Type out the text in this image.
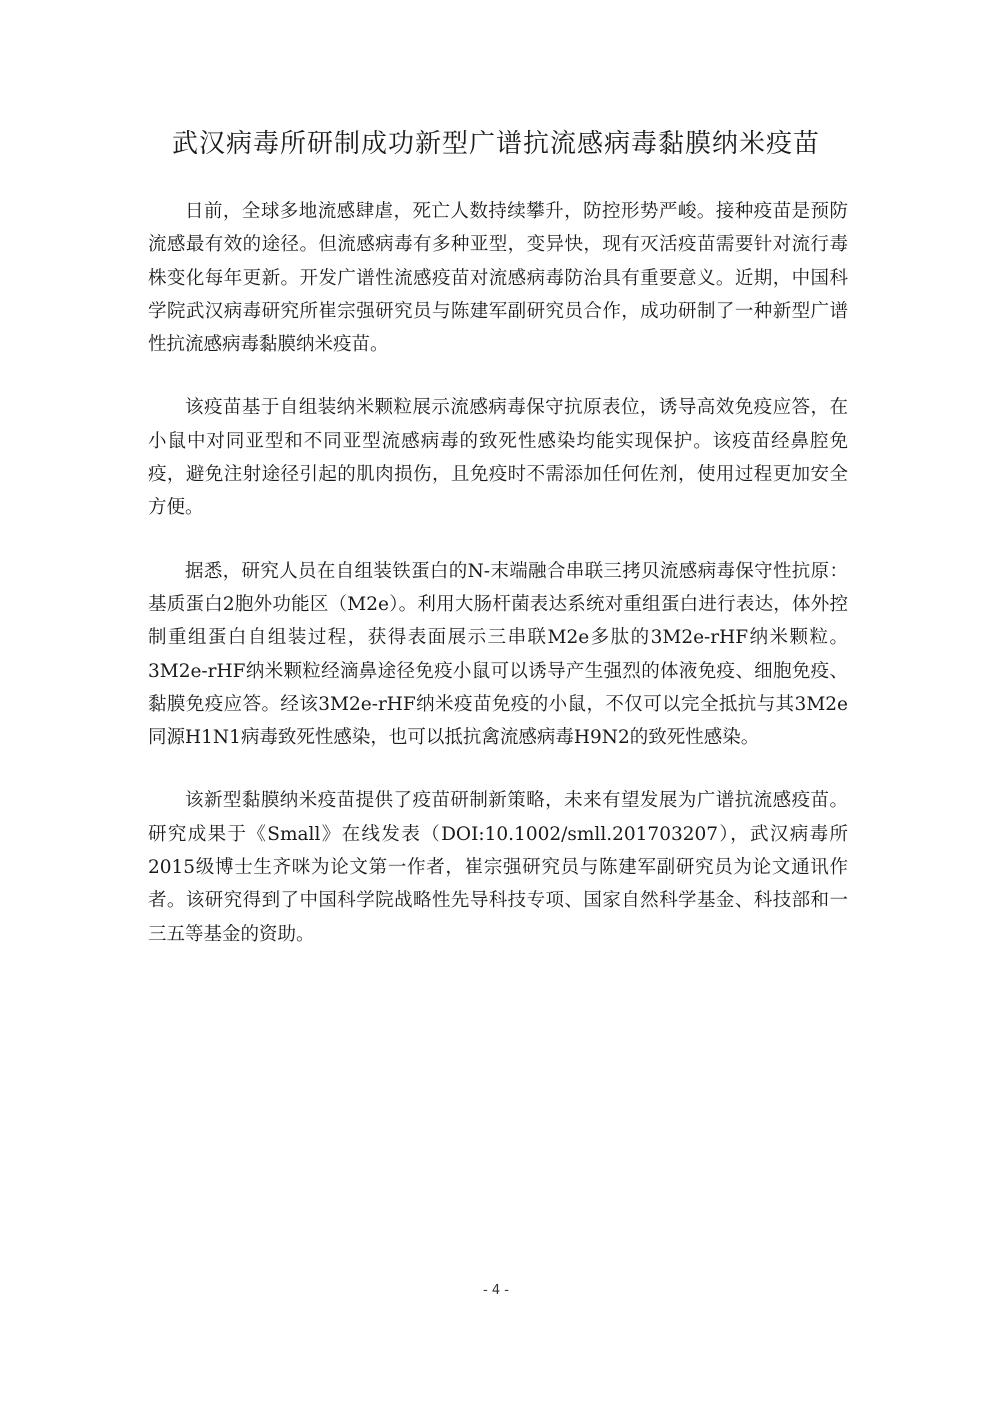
武汉病毒所研制成功新型广谱抗流感病毒黏膜纳米疫苗

日前，全球多地流感肆虐，死亡人数持续攀升，防控形势严峻。接种疫苗是预防流感最有效的途径。但流感病毒有多种亚型，变异快，现有灭活疫苗需要针对流行毒株变化每年更新。开发广谱性流感疫苗对流感病毒防治具有重要意义。近期，中国科学院武汉病毒研究所崔宗强研究员与陈建军副研究员合作，成功研制了一种新型广谱性抗流感病毒黏膜纳米疫苗。

该疫苗基于自组装纳米颗粒展示流感病毒保守抗原表位，诱导高效免疫应答，在小鼠中对同亚型和不同亚型流感病毒的致死性感染均能实现保护。该疫苗经鼻腔免疫，避免注射途径引起的肌肉损伤，且免疫时不需添加任何佐剂，使用过程更加安全方便。

据悉，研究人员在自组装铁蛋白的N-末端融合串联三拷贝流感病毒保守性抗原：基质蛋白2胞外功能区（M2e）。利用大肠杆菌表达系统对重组蛋白进行表达，体外控制重组蛋白自组装过程，获得表面展示三串联M2e多肽的3M2e-rHF纳米颗粒。3M2e-rHF纳米颗粒经滴鼻途径免疫小鼠可以诱导产生强烈的体液免疫、细胞免疫、黏膜免疫应答。经该3M2e-rHF纳米疫苗免疫的小鼠，不仅可以完全抵抗与其3M2e同源H1N1病毒致死性感染，也可以抵抗禽流感病毒H9N2的致死性感染。

该新型黏膜纳米疫苗提供了疫苗研制新策略，未来有望发展为广谱抗流感疫苗。研究成果于《Small》在线发表（DOI:10.1002/smll.201703207），武汉病毒所2015级博士生齐咪为论文第一作者，崔宗强研究员与陈建军副研究员为论文通讯作者。该研究得到了中国科学院战略性先导科技专项、国家自然科学基金、科技部和一三五等基金的资助。

- 4 -
